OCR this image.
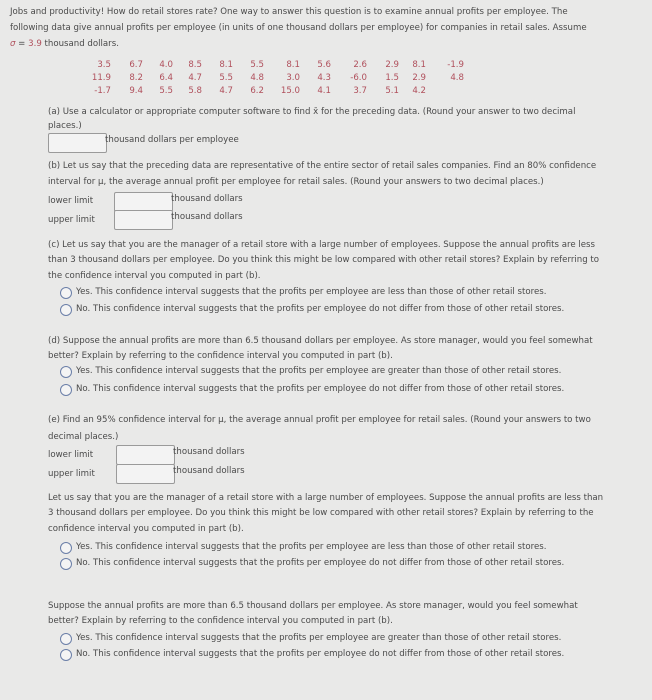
Jobs and productivity! How do retail stores rate? One way to answer this question is to examine annual profits per employee. The
following data give annual profits per employee (in units of one thousand dollars per employee) for companies in retail sales. Assume
σ = 3.9 thousand dollars.
3.5	6.7	4.0	8.5	8.1	5.5	8.1	5.6	2.6	2.9	8.1	-1.9
11.9	8.2	6.4	4.7	5.5	4.8	3.0	4.3	-6.0	1.5	2.9	4.8
-1.7	9.4	5.5	5.8	4.7	6.2	15.0	4.1	3.7	5.1	4.2
(a) Use a calculator or appropriate computer software to find x̄ for the preceding data. (Round your answer to two decimal
places.)
thousand dollars per employee
(b) Let us say that the preceding data are representative of the entire sector of retail sales companies. Find an 80% confidence
interval for μ, the average annual profit per employee for retail sales. (Round your answers to two decimal places.)
lower limit	thousand dollars
upper limit	thousand dollars
(c) Let us say that you are the manager of a retail store with a large number of employees. Suppose the annual profits are less
than 3 thousand dollars per employee. Do you think this might be low compared with other retail stores? Explain by referring to
the confidence interval you computed in part (b).
Yes. This confidence interval suggests that the profits per employee are less than those of other retail stores.
No. This confidence interval suggests that the profits per employee do not differ from those of other retail stores.
(d) Suppose the annual profits are more than 6.5 thousand dollars per employee. As store manager, would you feel somewhat
better? Explain by referring to the confidence interval you computed in part (b).
Yes. This confidence interval suggests that the profits per employee are greater than those of other retail stores.
No. This confidence interval suggests that the profits per employee do not differ from those of other retail stores.
(e) Find an 95% confidence interval for μ, the average annual profit per employee for retail sales. (Round your answers to two
decimal places.)
lower limit	thousand dollars
upper limit	thousand dollars
Let us say that you are the manager of a retail store with a large number of employees. Suppose the annual profits are less than
3 thousand dollars per employee. Do you think this might be low compared with other retail stores? Explain by referring to the
confidence interval you computed in part (b).
Yes. This confidence interval suggests that the profits per employee are less than those of other retail stores.
No. This confidence interval suggests that the profits per employee do not differ from those of other retail stores.
Suppose the annual profits are more than 6.5 thousand dollars per employee. As store manager, would you feel somewhat
better? Explain by referring to the confidence interval you computed in part (b).
Yes. This confidence interval suggests that the profits per employee are greater than those of other retail stores.
No. This confidence interval suggests that the profits per employee do not differ from those of other retail stores.
